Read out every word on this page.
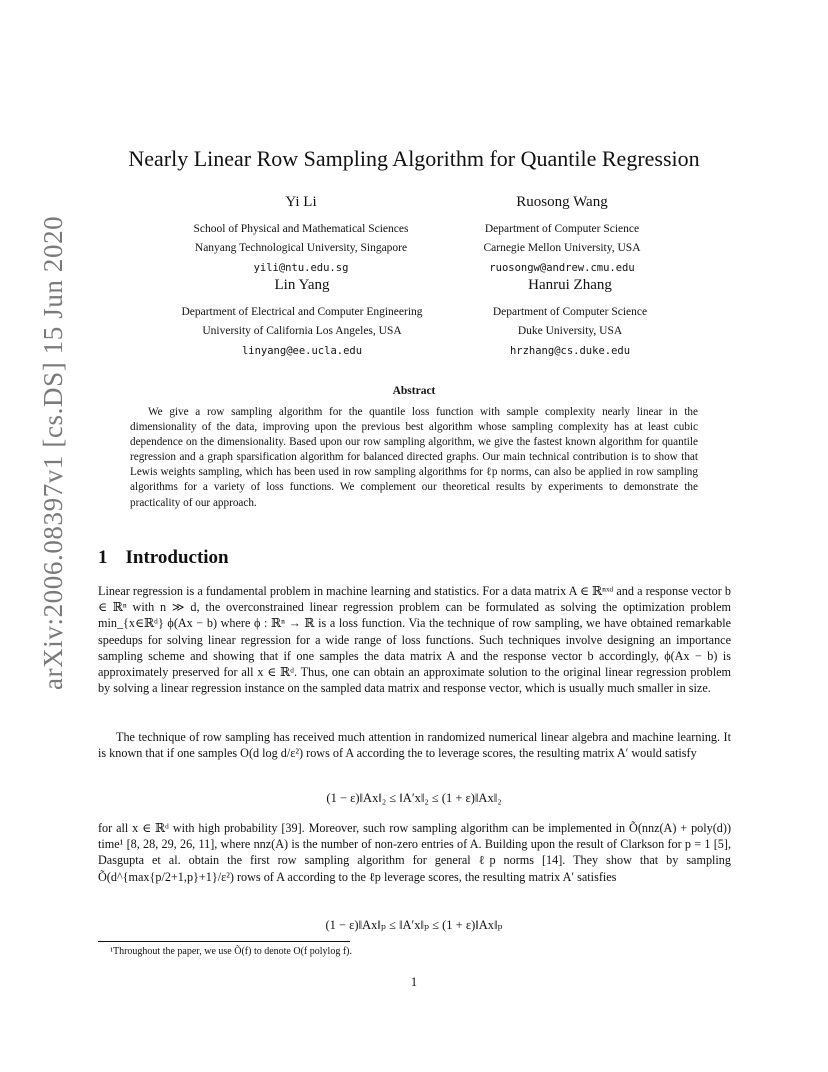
arXiv:2006.08397v1 [cs.DS] 15 Jun 2020
Nearly Linear Row Sampling Algorithm for Quantile Regression
Yi Li
School of Physical and Mathematical Sciences
Nanyang Technological University, Singapore
yili@ntu.edu.sg
Ruosong Wang
Department of Computer Science
Carnegie Mellon University, USA
ruosongw@andrew.cmu.edu
Lin Yang
Department of Electrical and Computer Engineering
University of California Los Angeles, USA
linyang@ee.ucla.edu
Hanrui Zhang
Department of Computer Science
Duke University, USA
hrzhang@cs.duke.edu
Abstract
We give a row sampling algorithm for the quantile loss function with sample complexity nearly linear in the dimensionality of the data, improving upon the previous best algorithm whose sampling complexity has at least cubic dependence on the dimensionality. Based upon our row sampling algorithm, we give the fastest known algorithm for quantile regression and a graph sparsification algorithm for balanced directed graphs. Our main technical contribution is to show that Lewis weights sampling, which has been used in row sampling algorithms for ℓp norms, can also be applied in row sampling algorithms for a variety of loss functions. We complement our theoretical results by experiments to demonstrate the practicality of our approach.
1 Introduction
Linear regression is a fundamental problem in machine learning and statistics. For a data matrix A ∈ ℝⁿˣᵈ and a response vector b ∈ ℝⁿ with n ≫ d, the overconstrained linear regression problem can be formulated as solving the optimization problem min_{x∈ℝᵈ} ϕ(Ax − b) where ϕ : ℝⁿ → ℝ is a loss function. Via the technique of row sampling, we have obtained remarkable speedups for solving linear regression for a wide range of loss functions. Such techniques involve designing an importance sampling scheme and showing that if one samples the data matrix A and the response vector b accordingly, ϕ(Ax − b) is approximately preserved for all x ∈ ℝᵈ. Thus, one can obtain an approximate solution to the original linear regression problem by solving a linear regression instance on the sampled data matrix and response vector, which is usually much smaller in size.
The technique of row sampling has received much attention in randomized numerical linear algebra and machine learning. It is known that if one samples O(d log d/ε²) rows of A according the to leverage scores, the resulting matrix A′ would satisfy
(1 − ε)‖Ax‖₂ ≤ ‖A′x‖₂ ≤ (1 + ε)‖Ax‖₂
for all x ∈ ℝᵈ with high probability [39]. Moreover, such row sampling algorithm can be implemented in Õ(nnz(A) + poly(d)) time¹ [8, 28, 29, 26, 11], where nnz(A) is the number of non-zero entries of A. Building upon the result of Clarkson for p = 1 [5], Dasgupta et al. obtain the first row sampling algorithm for general ℓp norms [14]. They show that by sampling Õ(d^{max{p/2+1,p}+1}/ε²) rows of A according to the ℓp leverage scores, the resulting matrix A′ satisfies
(1 − ε)‖Ax‖ₚ ≤ ‖A′x‖ₚ ≤ (1 + ε)‖Ax‖ₚ
¹Throughout the paper, we use Õ(f) to denote O(f polylog f).
1
